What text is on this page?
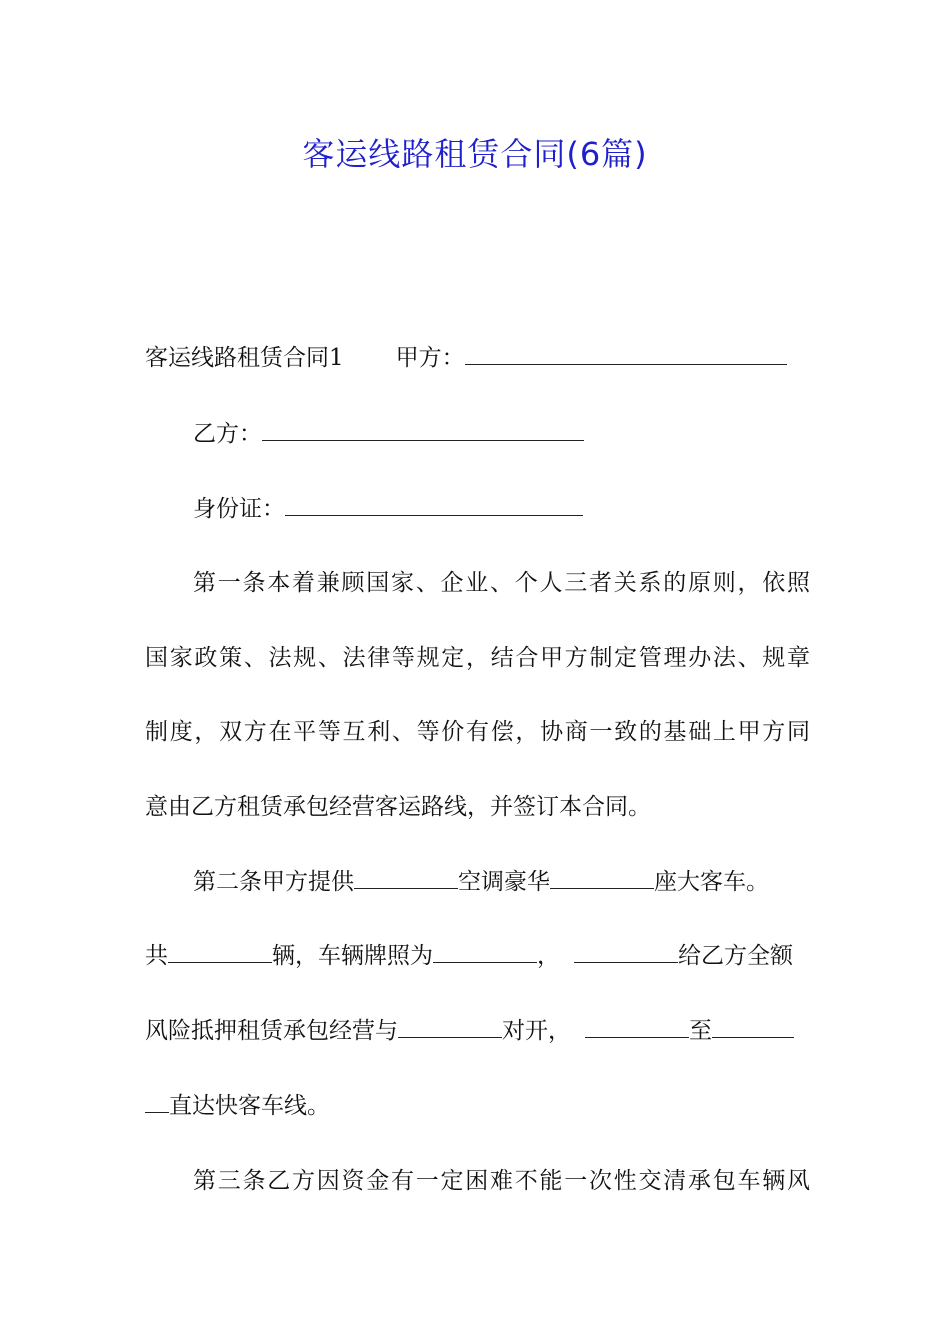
客运线路租赁合同(6篇)
客运线路租赁合同1 甲方：
乙方：
身份证：
第一条本着兼顾国家、企业、个人三者关系的原则，依照
国家政策、法规、法律等规定，结合甲方制定管理办法、规章
制度，双方在平等互利、等价有偿，协商一致的基础上甲方同
意由乙方租赁承包经营客运路线，并签订本合同。
第二条甲方提供	空调豪华	座大客车。
共	辆，车辆牌照为	，	给乙方全额
风险抵押租赁承包经营与	对开，	至
直达快客车线。
第三条乙方因资金有一定困难不能一次性交清承包车辆风
